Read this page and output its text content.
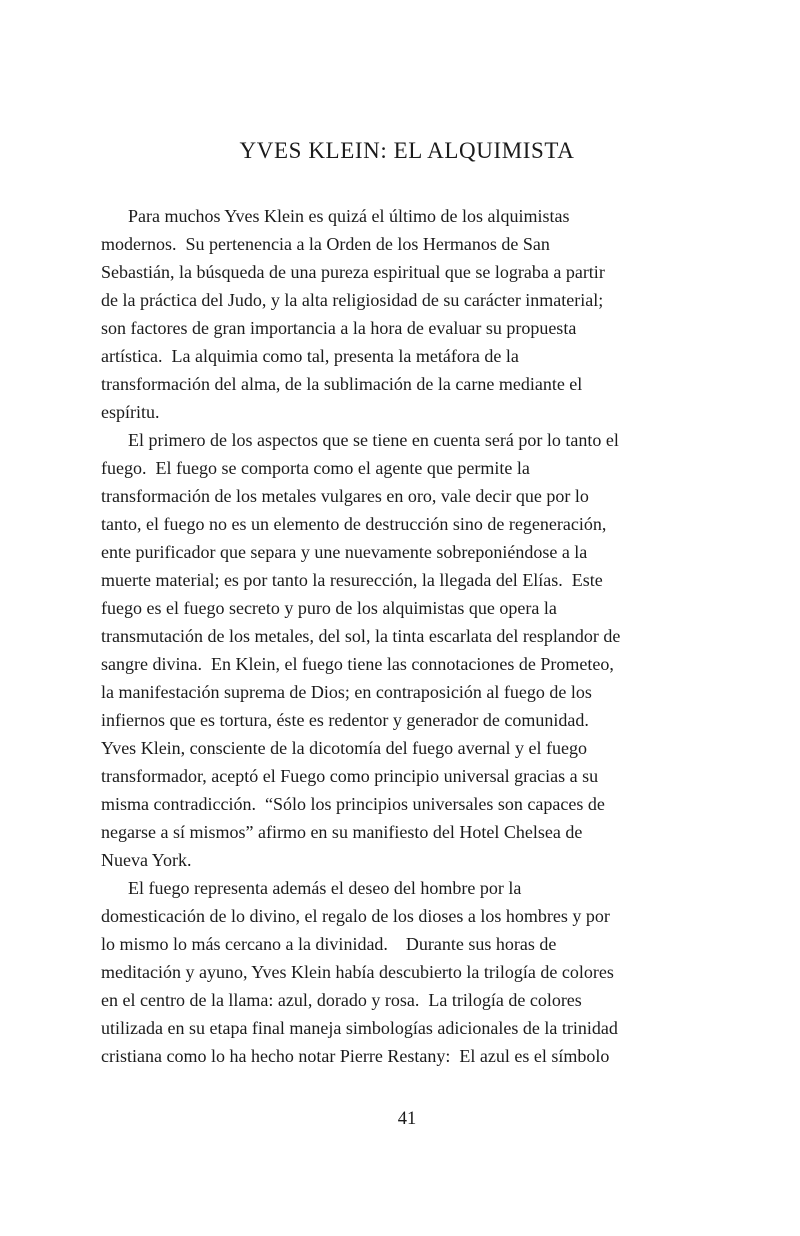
YVES KLEIN: EL ALQUIMISTA
Para muchos Yves Klein es quizá el último de los alquimistas
modernos.  Su pertenencia a la Orden de los Hermanos de San
Sebastián, la búsqueda de una pureza espiritual que se lograba a partir
de la práctica del Judo, y la alta religiosidad de su carácter inmaterial;
son factores de gran importancia a la hora de evaluar su propuesta
artística.  La alquimia como tal, presenta la metáfora de la
transformación del alma, de la sublimación de la carne mediante el
espíritu.
El primero de los aspectos que se tiene en cuenta será por lo tanto el
fuego.  El fuego se comporta como el agente que permite la
transformación de los metales vulgares en oro, vale decir que por lo
tanto, el fuego no es un elemento de destrucción sino de regeneración,
ente purificador que separa y une nuevamente sobreponiéndose a la
muerte material; es por tanto la resurección, la llegada del Elías.  Este
fuego es el fuego secreto y puro de los alquimistas que opera la
transmutación de los metales, del sol, la tinta escarlata del resplandor de
sangre divina.  En Klein, el fuego tiene las connotaciones de Prometeo,
la manifestación suprema de Dios; en contraposición al fuego de los
infiernos que es tortura, éste es redentor y generador de comunidad.
Yves Klein, consciente de la dicotomía del fuego avernal y el fuego
transformador, aceptó el Fuego como principio universal gracias a su
misma contradicción.  “Sólo los principios universales son capaces de
negarse a sí mismos” afirmo en su manifiesto del Hotel Chelsea de
Nueva York.
El fuego representa además el deseo del hombre por la
domesticación de lo divino, el regalo de los dioses a los hombres y por
lo mismo lo más cercano a la divinidad.    Durante sus horas de
meditación y ayuno, Yves Klein había descubierto la trilogía de colores
en el centro de la llama: azul, dorado y rosa.  La trilogía de colores
utilizada en su etapa final maneja simbologías adicionales de la trinidad
cristiana como lo ha hecho notar Pierre Restany:  El azul es el símbolo
41
